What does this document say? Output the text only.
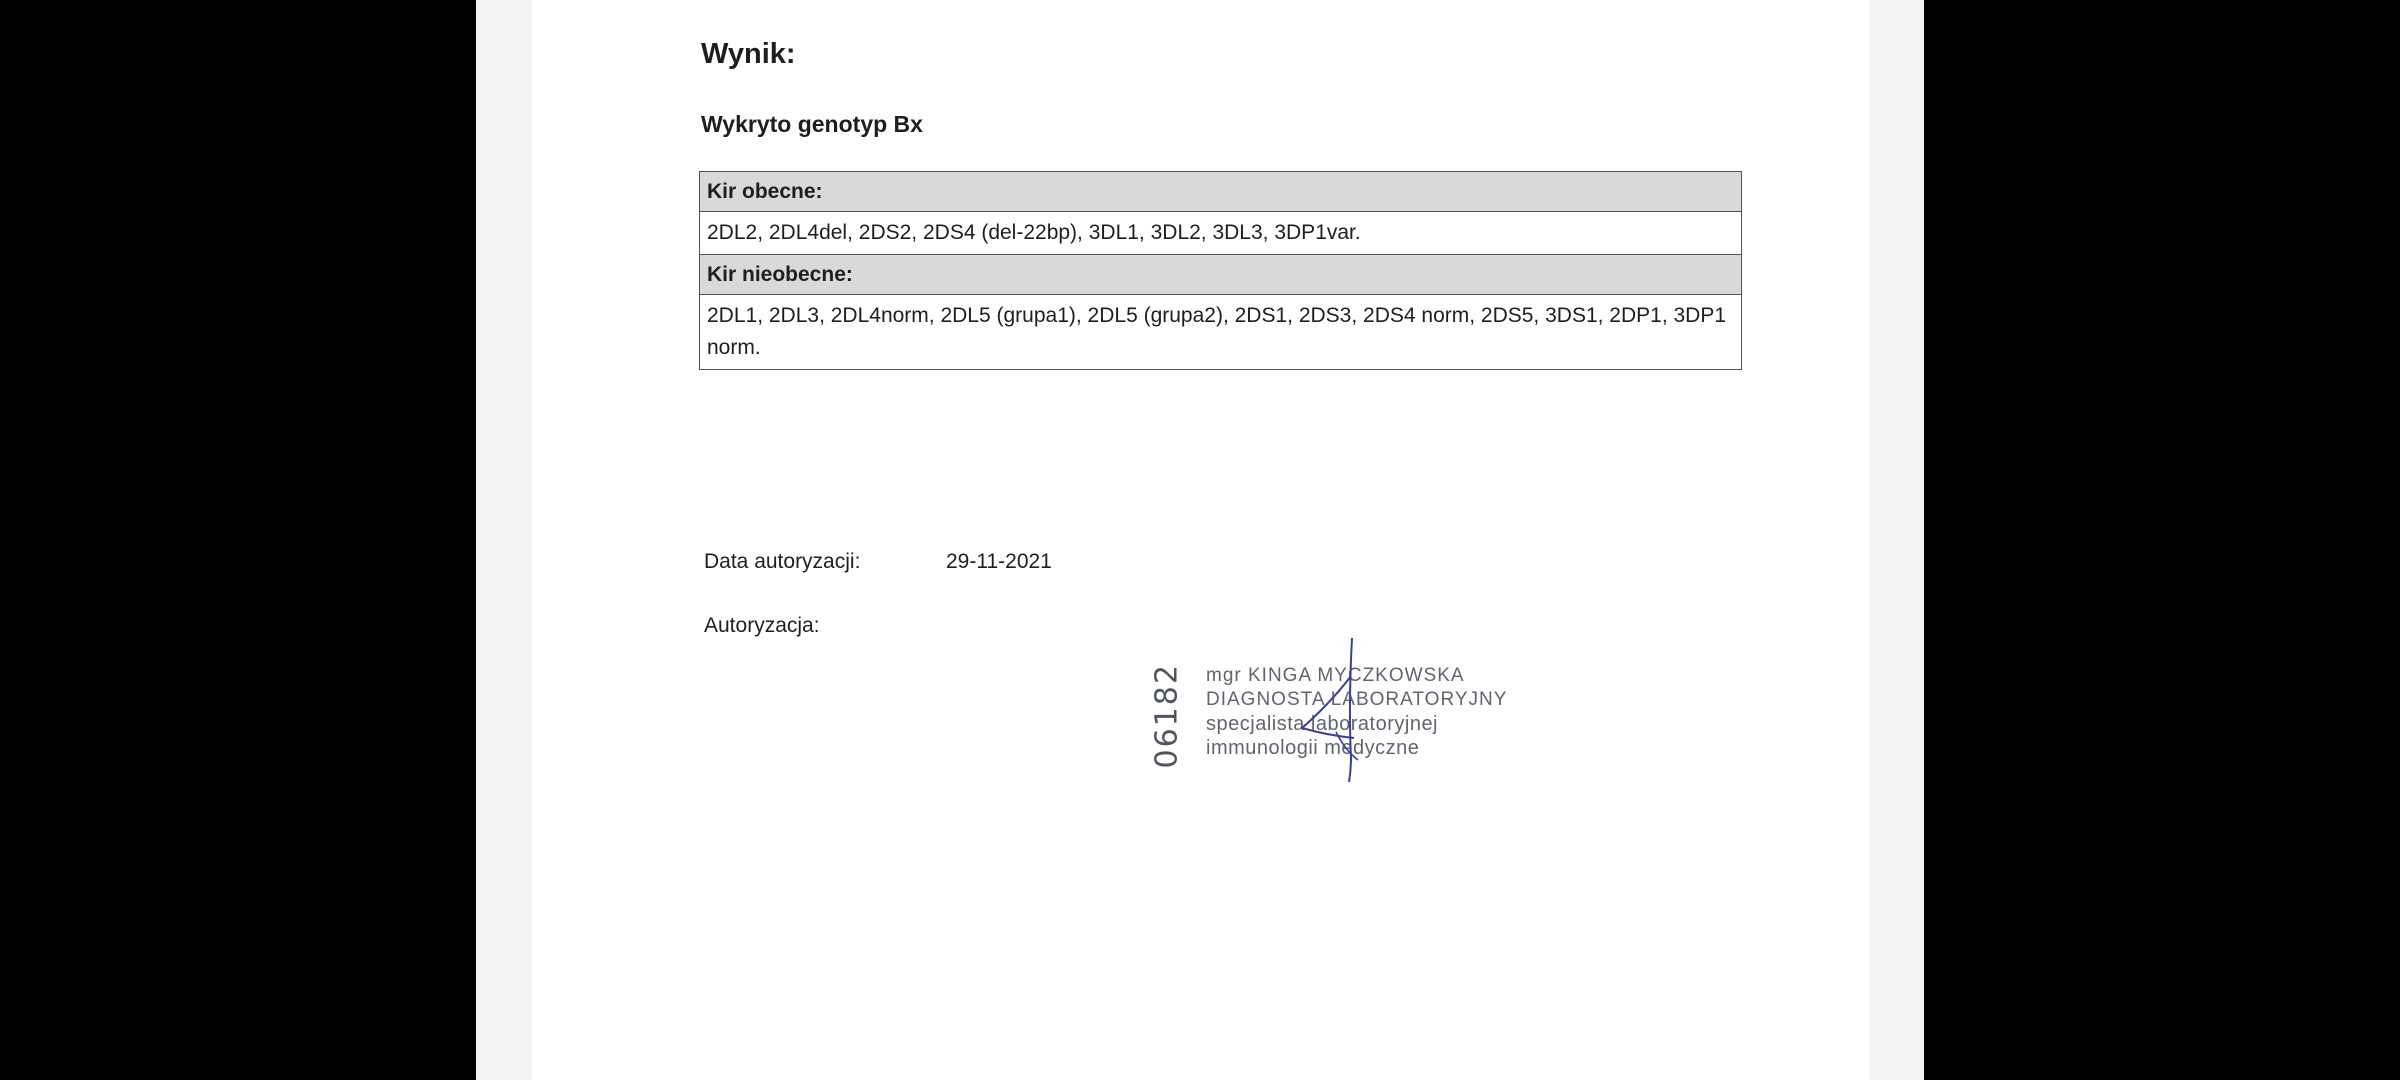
Wynik:
Wykryto genotyp Bx
Kir obecne:
2DL2, 2DL4del, 2DS2, 2DS4 (del-22bp), 3DL1, 3DL2, 3DL3, 3DP1var.
Kir nieobecne:
2DL1, 2DL3, 2DL4norm, 2DL5 (grupa1), 2DL5 (grupa2), 2DS1, 2DS3, 2DS4 norm, 2DS5, 3DS1, 2DP1, 3DP1 norm.
Data autoryzacji:	29-11-2021
Autoryzacja:
06182 mgr KINGA MYCZKOWSKA
DIAGNOSTA LABORATORYJNY
specjalista laboratoryjnej
immunologii medyczne
